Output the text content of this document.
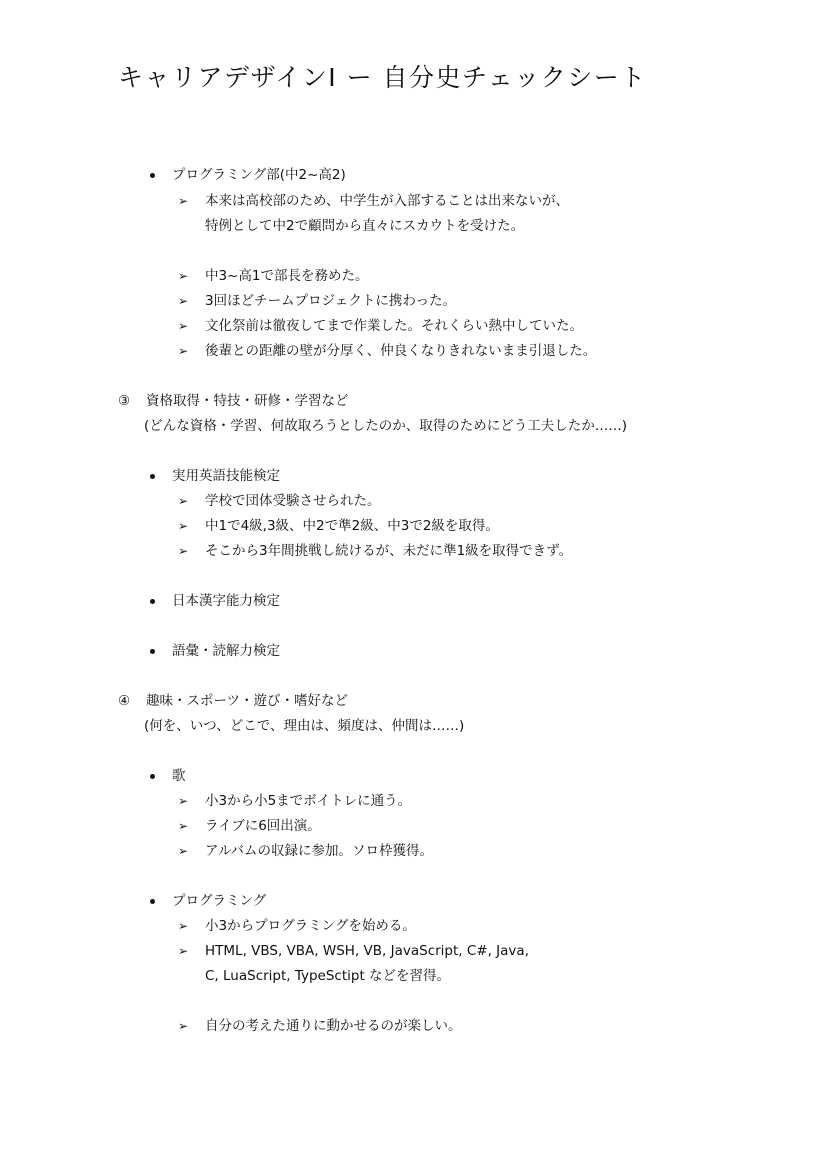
キャリアデザインⅠ ー 自分史チェックシート
プログラミング部(中2~高2)
➢ 本来は高校部のため、中学生が入部することは出来ないが、
特例として中2で顧問から直々にスカウトを受けた。
➢ 中3~高1で部長を務めた。
➢ 3回ほどチームプロジェクトに携わった。
➢ 文化祭前は徹夜してまで作業した。それくらい熱中していた。
➢ 後輩との距離の壁が分厚く、仲良くなりきれないまま引退した。
③ 資格取得・特技・研修・学習など
(どんな資格・学習、何故取ろうとしたのか、取得のためにどう工夫したか……)
実用英語技能検定
➢ 学校で団体受験させられた。
➢ 中1で4級,3級、中2で準2級、中3で2級を取得。
➢ そこから3年間挑戦し続けるが、未だに準1級を取得できず。
日本漢字能力検定
語彙・読解力検定
④ 趣味・スポーツ・遊び・嗜好など
(何を、いつ、どこで、理由は、頻度は、仲間は……)
歌
➢ 小3から小5までボイトレに通う。
➢ ライブに6回出演。
➢ アルバムの収録に参加。ソロ枠獲得。
プログラミング
➢ 小3からプログラミングを始める。
➢ HTML, VBS, VBA, WSH, VB, JavaScript, C#, Java,
C, LuaScript, TypeSctipt などを習得。
➢ 自分の考えた通りに動かせるのが楽しい。
